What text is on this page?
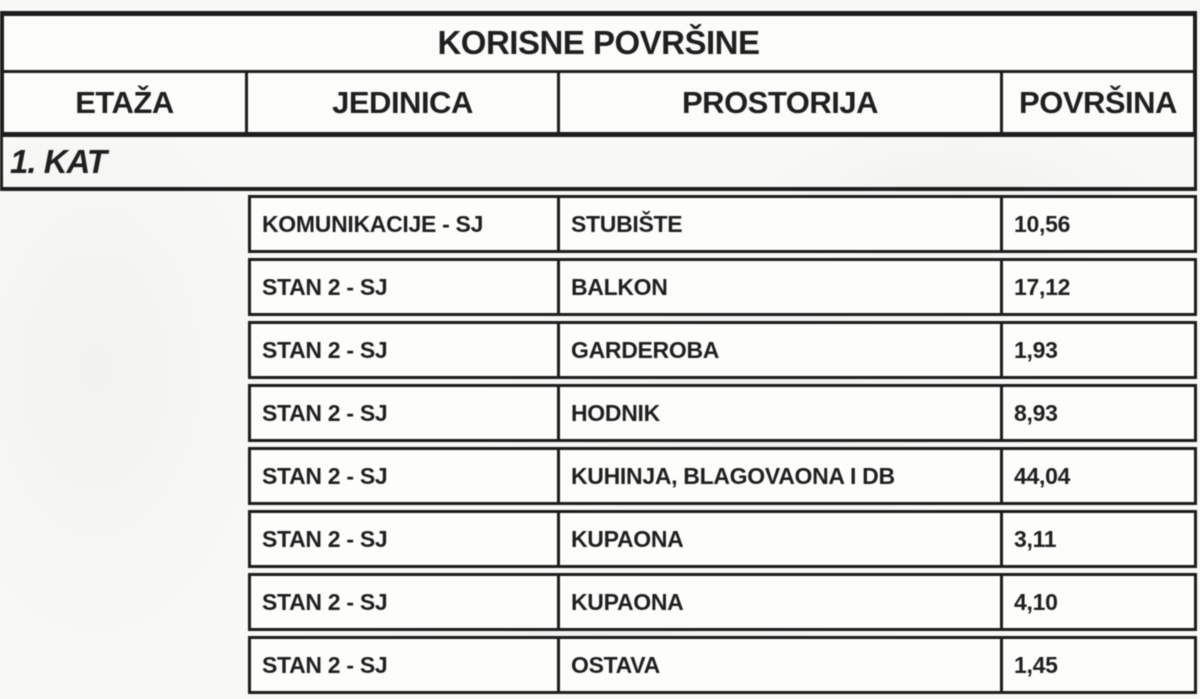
KORISNE POVRŠINE
ETAŽA	JEDINICA	PROSTORIJA	POVRŠINA
1. KAT
KOMUNIKACIJE - SJ	STUBIŠTE	10,56
STAN 2 - SJ	BALKON	17,12
STAN 2 - SJ	GARDEROBA	1,93
STAN 2 - SJ	HODNIK	8,93
STAN 2 - SJ	KUHINJA, BLAGOVAONA I DB	44,04
STAN 2 - SJ	KUPAONA	3,11
STAN 2 - SJ	KUPAONA	4,10
STAN 2 - SJ	OSTAVA	1,45
